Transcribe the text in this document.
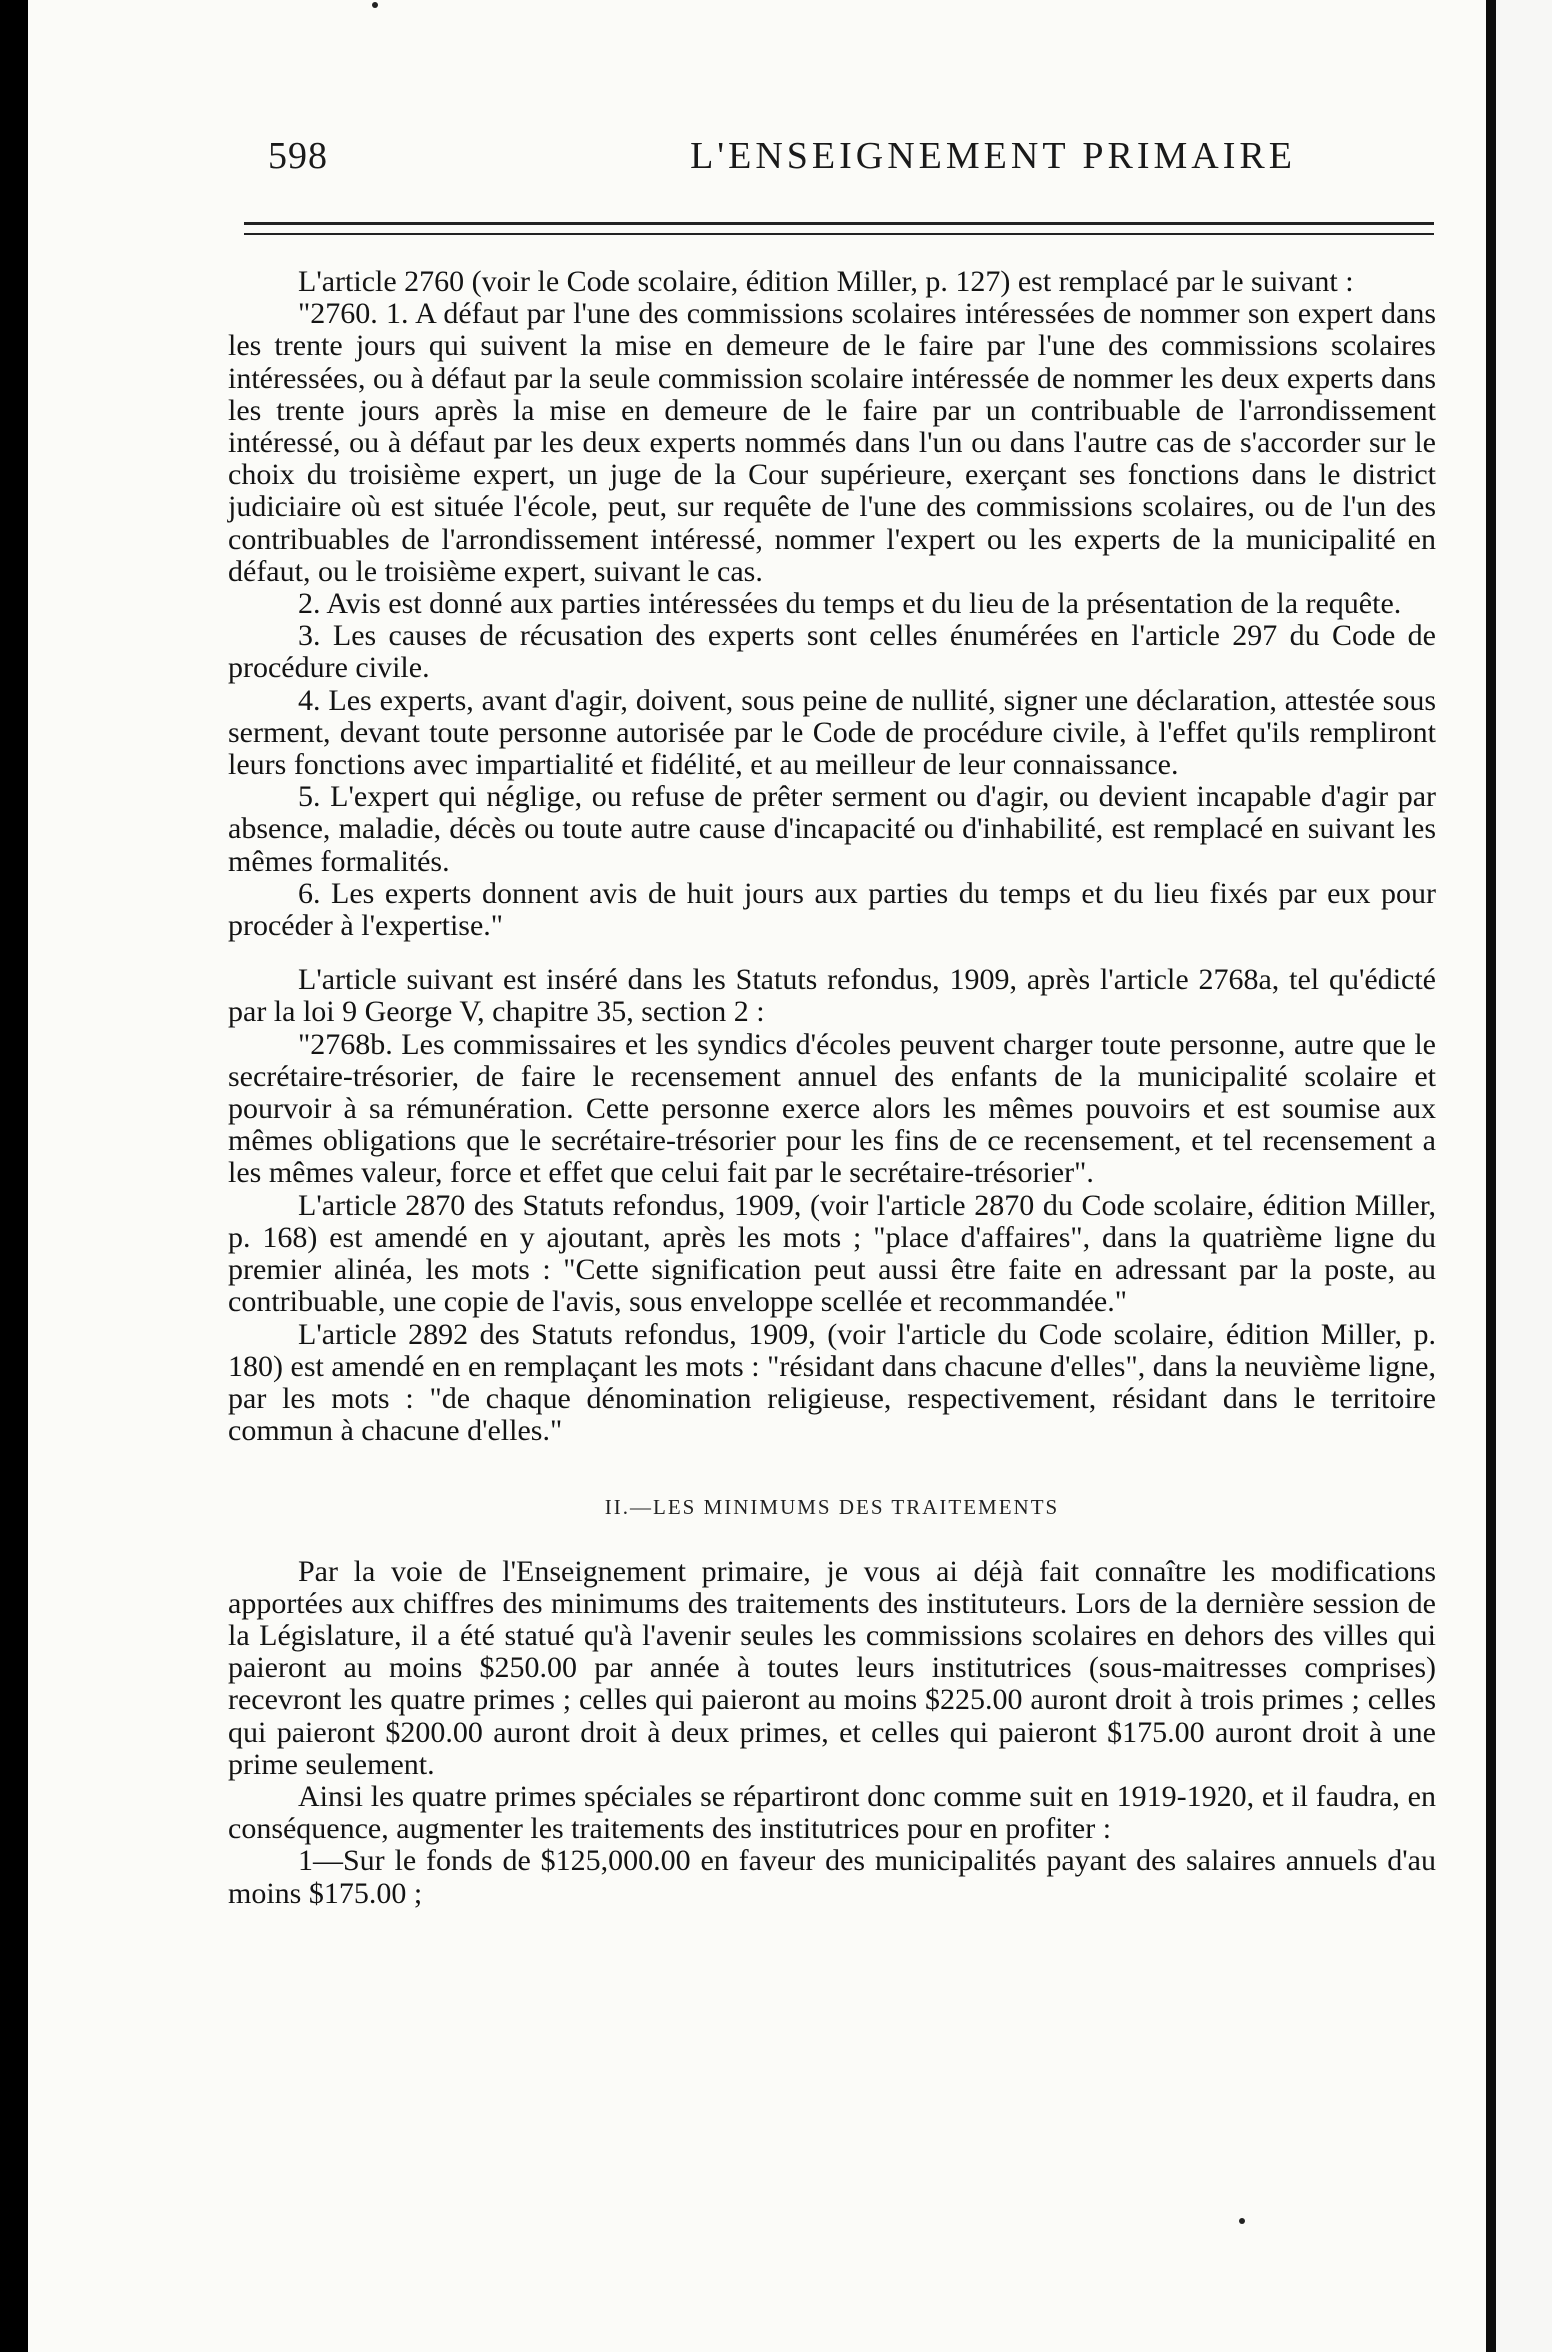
598	L'ENSEIGNEMENT PRIMAIRE

L'article 2760 (voir le Code scolaire, édition Miller, p. 127) est remplacé par le suivant :

"2760. 1. A défaut par l'une des commissions scolaires intéressées de nommer son expert dans les trente jours qui suivent la mise en demeure de le faire par l'une des commissions scolaires intéressées, ou à défaut par la seule commission scolaire intéressée de nommer les deux experts dans les trente jours après la mise en demeure de le faire par un contribuable de l'arrondissement intéressé, ou à défaut par les deux experts nommés dans l'un ou dans l'autre cas de s'accorder sur le choix du troisième expert, un juge de la Cour supérieure, exerçant ses fonctions dans le district judiciaire où est située l'école, peut, sur requête de l'une des commissions scolaires, ou de l'un des contribuables de l'arrondissement intéressé, nommer l'expert ou les experts de la municipalité en défaut, ou le troisième expert, suivant le cas.

2. Avis est donné aux parties intéressées du temps et du lieu de la présentation de la requête.

3. Les causes de récusation des experts sont celles énumérées en l'article 297 du Code de procédure civile.

4. Les experts, avant d'agir, doivent, sous peine de nullité, signer une déclaration, attestée sous serment, devant toute personne autorisée par le Code de procédure civile, à l'effet qu'ils rempliront leurs fonctions avec impartialité et fidélité, et au meilleur de leur connaissance.

5. L'expert qui néglige, ou refuse de prêter serment ou d'agir, ou devient incapable d'agir par absence, maladie, décès ou toute autre cause d'incapacité ou d'inhabilité, est remplacé en suivant les mêmes formalités.

6. Les experts donnent avis de huit jours aux parties du temps et du lieu fixés par eux pour procéder à l'expertise."

L'article suivant est inséré dans les Statuts refondus, 1909, après l'article 2768a, tel qu'édicté par la loi 9 George V, chapitre 35, section 2 :

"2768b. Les commissaires et les syndics d'écoles peuvent charger toute personne, autre que le secrétaire-trésorier, de faire le recensement annuel des enfants de la municipalité scolaire et pourvoir à sa rémunération. Cette personne exerce alors les mêmes pouvoirs et est soumise aux mêmes obligations que le secrétaire-trésorier pour les fins de ce recensement, et tel recensement a les mêmes valeur, force et effet que celui fait par le secrétaire-trésorier".

L'article 2870 des Statuts refondus, 1909, (voir l'article 2870 du Code scolaire, édition Miller, p. 168) est amendé en y ajoutant, après les mots ; "place d'affaires", dans la quatrième ligne du premier alinéa, les mots : "Cette signification peut aussi être faite en adressant par la poste, au contribuable, une copie de l'avis, sous enveloppe scellée et recommandée."

L'article 2892 des Statuts refondus, 1909, (voir l'article du Code scolaire, édition Miller, p. 180) est amendé en en remplaçant les mots : "résidant dans chacune d'elles", dans la neuvième ligne, par les mots : "de chaque dénomination religieuse, respectivement, résidant dans le territoire commun à chacune d'elles."

II.—LES MINIMUMS DES TRAITEMENTS

Par la voie de l'Enseignement primaire, je vous ai déjà fait connaître les modifications apportées aux chiffres des minimums des traitements des instituteurs. Lors de la dernière session de la Législature, il a été statué qu'à l'avenir seules les commissions scolaires en dehors des villes qui paieront au moins $250.00 par année à toutes leurs institutrices (sous-maitresses comprises) recevront les quatre primes ; celles qui paieront au moins $225.00 auront droit à trois primes ; celles qui paieront $200.00 auront droit à deux primes, et celles qui paieront $175.00 auront droit à une prime seulement.

Ainsi les quatre primes spéciales se répartiront donc comme suit en 1919-1920, et il faudra, en conséquence, augmenter les traitements des institutrices pour en profiter :

1—Sur le fonds de $125,000.00 en faveur des municipalités payant des salaires annuels d'au moins $175.00 ;
